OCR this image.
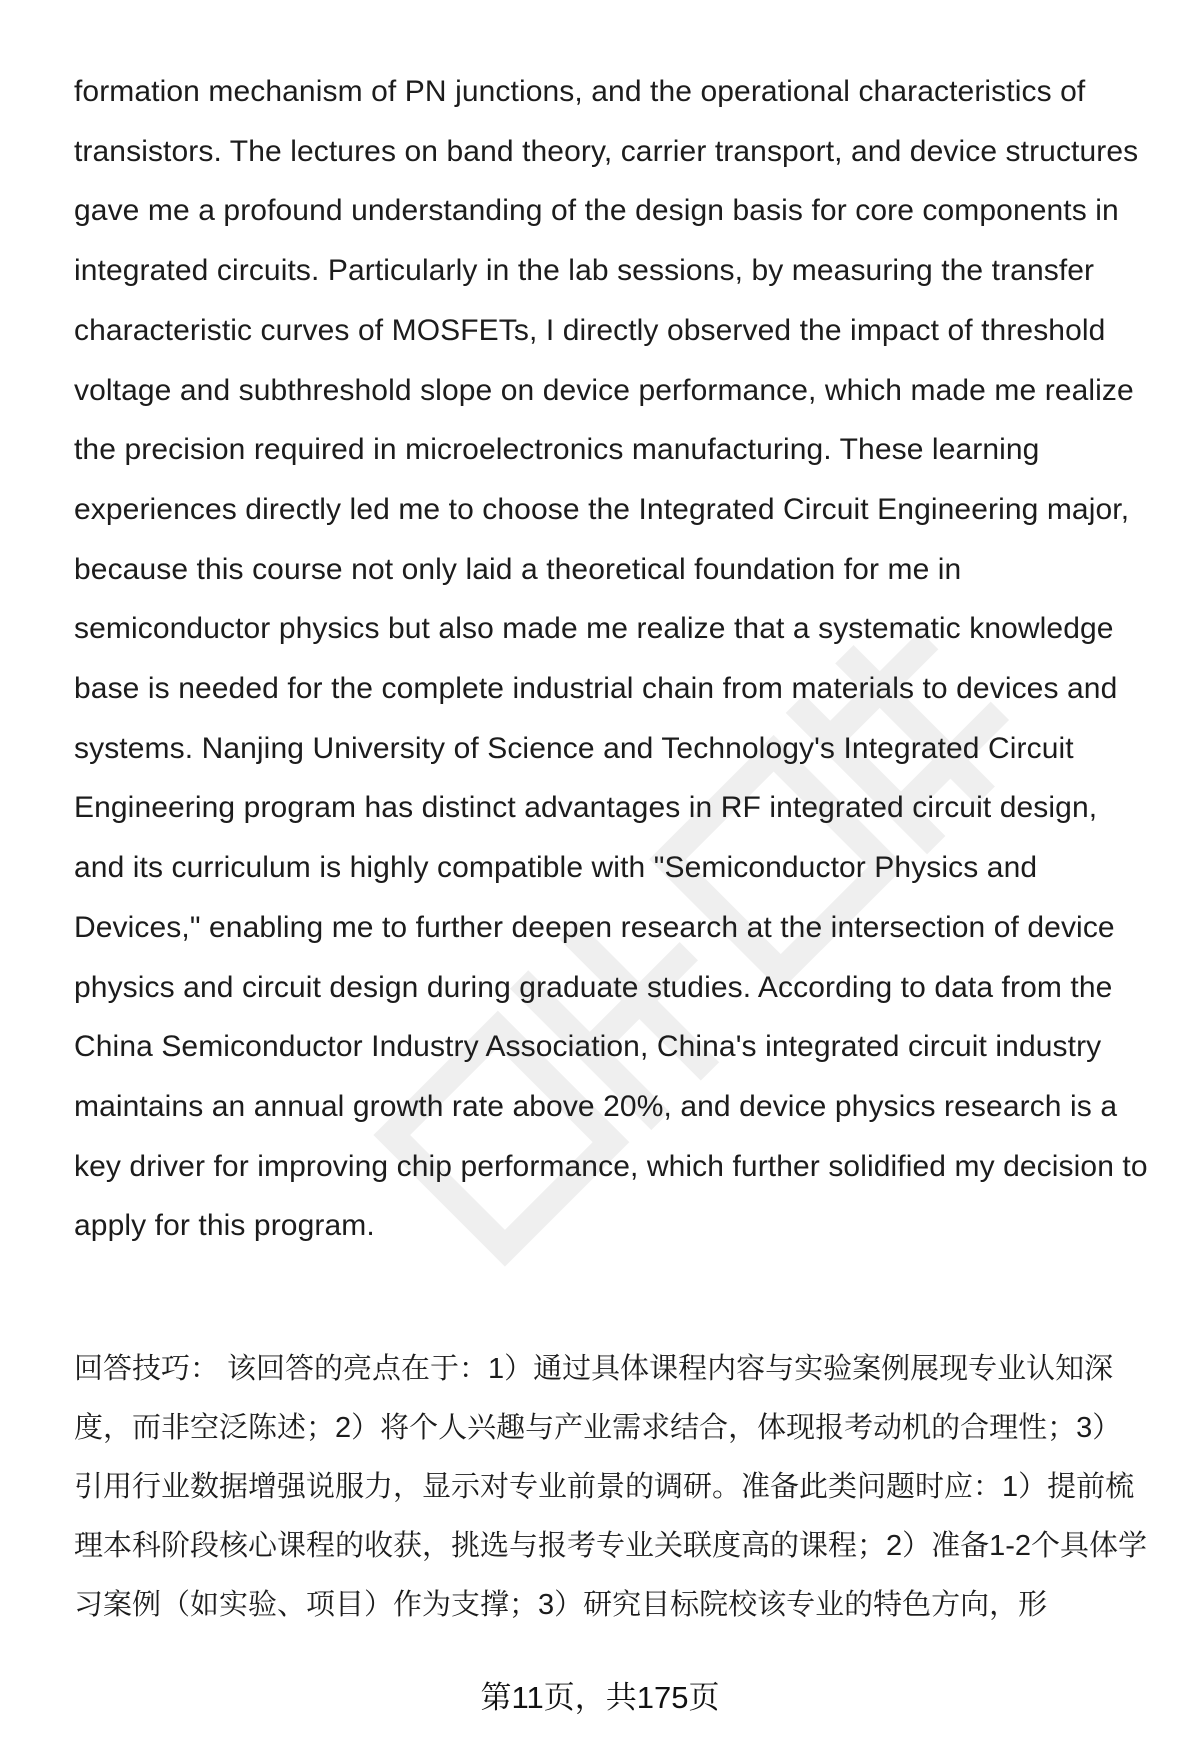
formation mechanism of PN junctions, and the operational characteristics of transistors. The lectures on band theory, carrier transport, and device structures gave me a profound understanding of the design basis for core components in integrated circuits. Particularly in the lab sessions, by measuring the transfer characteristic curves of MOSFETs, I directly observed the impact of threshold voltage and subthreshold slope on device performance, which made me realize the precision required in microelectronics manufacturing. These learning experiences directly led me to choose the Integrated Circuit Engineering major, because this course not only laid a theoretical foundation for me in semiconductor physics but also made me realize that a systematic knowledge base is needed for the complete industrial chain from materials to devices and systems. Nanjing University of Science and Technology's Integrated Circuit Engineering program has distinct advantages in RF integrated circuit design, and its curriculum is highly compatible with "Semiconductor Physics and Devices," enabling me to further deepen research at the intersection of device physics and circuit design during graduate studies. According to data from the China Semiconductor Industry Association, China's integrated circuit industry maintains an annual growth rate above 20%, and device physics research is a key driver for improving chip performance, which further solidified my decision to apply for this program.

回答技巧： 该回答的亮点在于：1）通过具体课程内容与实验案例展现专业认知深度，而非空泛陈述；2）将个人兴趣与产业需求结合，体现报考动机的合理性；3）引用行业数据增强说服力，显示对专业前景的调研。准备此类问题时应：1）提前梳理本科阶段核心课程的收获，挑选与报考专业关联度高的课程；2）准备1-2个具体学习案例（如实验、项目）作为支撑；3）研究目标院校该专业的特色方向，形

第11页，共175页
